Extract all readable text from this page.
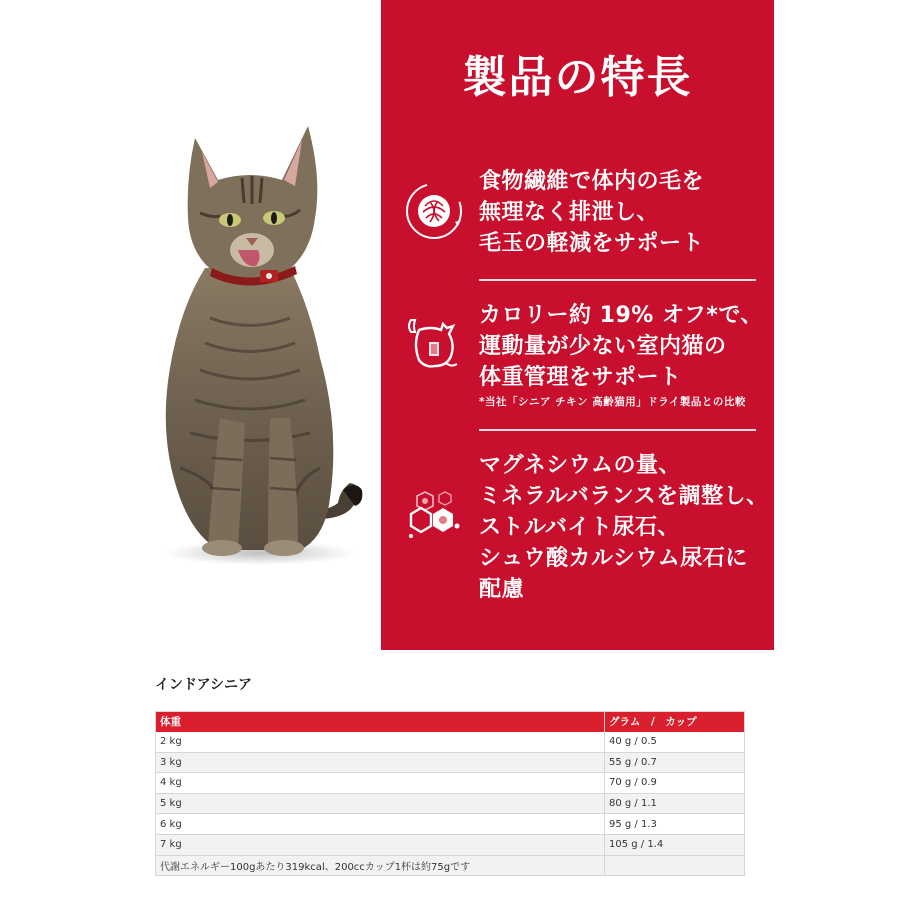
製品の特長
食物繊維で体内の毛を
無理なく排泄し、
毛玉の軽減をサポート
カロリー約 19% オフ*で、
運動量が少ない室内猫の
体重管理をサポート
*当社「シニア チキン 高齢猫用」ドライ製品との比較
マグネシウムの量、
ミネラルバランスを調整し、
ストルバイト尿石、
シュウ酸カルシウム尿石に
配慮
インドアシニア
体重	グラム　/　カップ
2 kg	40 g / 0.5
3 kg	55 g / 0.7
4 kg	70 g / 0.9
5 kg	80 g / 1.1
6 kg	95 g / 1.3
7 kg	105 g / 1.4
代謝エネルギー100gあたり319kcal、200ccカップ1杯は約75gです	
